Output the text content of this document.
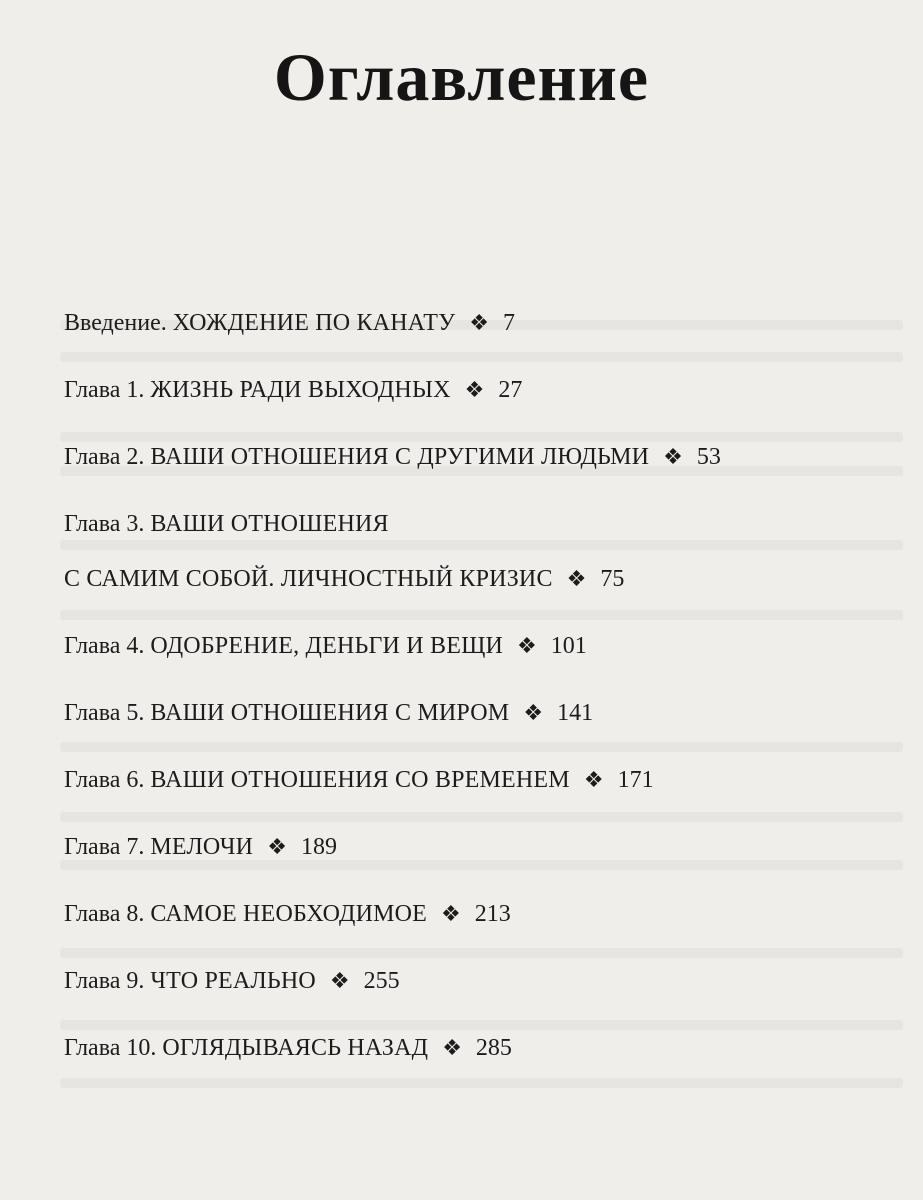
Оглавление
Введение.
ХОЖДЕНИЕ ПО КАНАТУ ❖ 7
Глава 1.
ЖИЗНЬ РАДИ ВЫХОДНЫХ ❖ 27
Глава 2.
ВАШИ ОТНОШЕНИЯ С ДРУГИМИ ЛЮДЬМИ ❖ 53
Глава 3.
ВАШИ ОТНОШЕНИЯ
С САМИМ СОБОЙ. ЛИЧНОСТНЫЙ КРИЗИС ❖ 75
Глава 4.
ОДОБРЕНИЕ, ДЕНЬГИ И ВЕЩИ ❖ 101
Глава 5.
ВАШИ ОТНОШЕНИЯ С МИРОМ ❖ 141
Глава 6.
ВАШИ ОТНОШЕНИЯ СО ВРЕМЕНЕМ ❖ 171
Глава 7.
МЕЛОЧИ ❖ 189
Глава 8.
САМОЕ НЕОБХОДИМОЕ ❖ 213
Глава 9.
ЧТО РЕАЛЬНО ❖ 255
Глава 10.
ОГЛЯДЫВАЯСЬ НАЗАД ❖ 285
